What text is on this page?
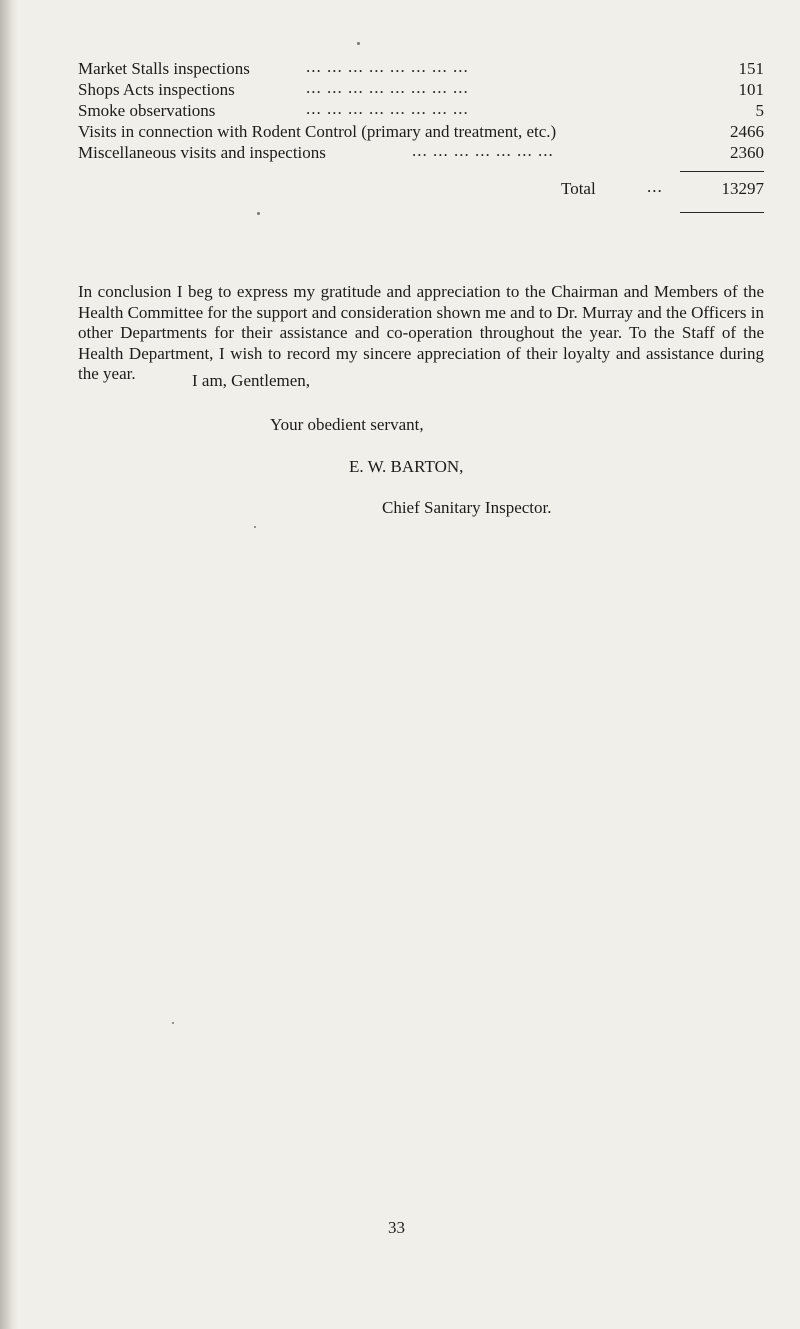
Market Stalls inspections	... ... ... ... ... ... ... ...	151
Shops Acts inspections	... ... ... ... ... ... ... ...	101
Smoke observations	... ... ... ... ... ... ... ...	5
Visits in connection with Rodent Control (primary and treatment, etc.)	2466
Miscellaneous visits and inspections	... ... ... ... ... ... ...	2360
Total	...	13297

In conclusion I beg to express my gratitude and appreciation to the Chairman and Members of the Health Committee for the support and consideration shown me and to Dr. Murray and the Officers in other Departments for their assistance and co-operation throughout the year. To the Staff of the Health Department, I wish to record my sincere appreciation of their loyalty and assistance during the year.	I am, Gentlemen,
Your obedient servant,
E. W. BARTON,
Chief Sanitary Inspector.
33
